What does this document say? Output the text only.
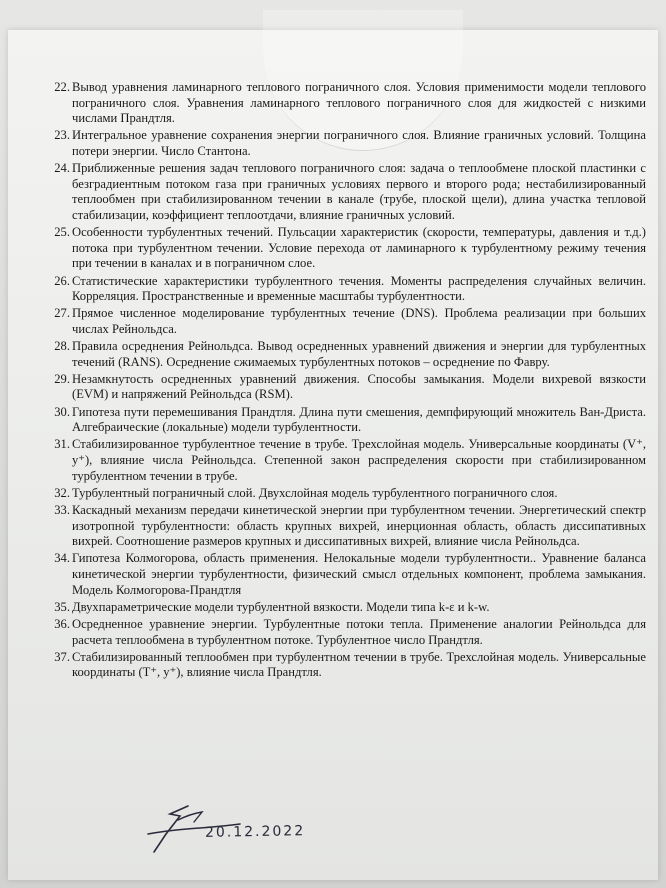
22. Вывод уравнения ламинарного теплового пограничного слоя. Условия применимости модели теплового пограничного слоя. Уравнения ламинарного теплового пограничного слоя для жидкостей с низкими числами Прандтля.
23. Интегральное уравнение сохранения энергии пограничного слоя. Влияние граничных условий. Толщина потери энергии. Число Стантона.
24. Приближенные решения задач теплового пограничного слоя: задача о теплообмене плоской пластинки с безградиентным потоком газа при граничных условиях первого и второго рода; нестабилизированный теплообмен при стабилизированном течении в канале (трубе, плоской щели), длина участка тепловой стабилизации, коэффициент теплоотдачи, влияние граничных условий.
25. Особенности турбулентных течений. Пульсации характеристик (скорости, температуры, давления и т.д.) потока при турбулентном течении. Условие перехода от ламинарного к турбулентному режиму течения при течении в каналах и в пограничном слое.
26. Статистические характеристики турбулентного течения. Моменты распределения случайных величин. Корреляция. Пространственные и временные масштабы турбулентности.
27. Прямое численное моделирование турбулентных течение (DNS). Проблема реализации при больших числах Рейнольдса.
28. Правила осреднения Рейнольдса. Вывод осредненных уравнений движения и энергии для турбулентных течений (RANS). Осреднение сжимаемых турбулентных потоков – осреднение по Фавру.
29. Незамкнутость осредненных уравнений движения. Способы замыкания. Модели вихревой вязкости (EVM) и напряжений Рейнольдса (RSM).
30. Гипотеза пути перемешивания Прандтля. Длина пути смешения, демпфирующий множитель Ван-Дриста. Алгебраические (локальные) модели турбулентности.
31. Стабилизированное турбулентное течение в трубе. Трехслойная модель. Универсальные координаты (V⁺, y⁺), влияние числа Рейнольдса. Степенной закон распределения скорости при стабилизированном турбулентном течении в трубе.
32. Турбулентный пограничный слой. Двухслойная модель турбулентного пограничного слоя.
33. Каскадный механизм передачи кинетической энергии при турбулентном течении. Энергетический спектр изотропной турбулентности: область крупных вихрей, инерционная область, область диссипативных вихрей. Соотношение размеров крупных и диссипативных вихрей, влияние числа Рейнольдса.
34. Гипотеза Колмогорова, область применения. Нелокальные модели турбулентности.. Уравнение баланса кинетической энергии турбулентности, физический смысл отдельных компонент, проблема замыкания. Модель Колмогорова-Прандтля
35. Двухпараметрические модели турбулентной вязкости. Модели типа k-ε и k-w.
36. Осредненное уравнение энергии. Турбулентные потоки тепла. Применение аналогии Рейнольдса для расчета теплообмена в турбулентном потоке. Турбулентное число Прандтля.
37. Стабилизированный теплообмен при турбулентном течении в трубе. Трехслойная модель. Универсальные координаты (T⁺, y⁺), влияние числа Прандтля.
20.12.2022
